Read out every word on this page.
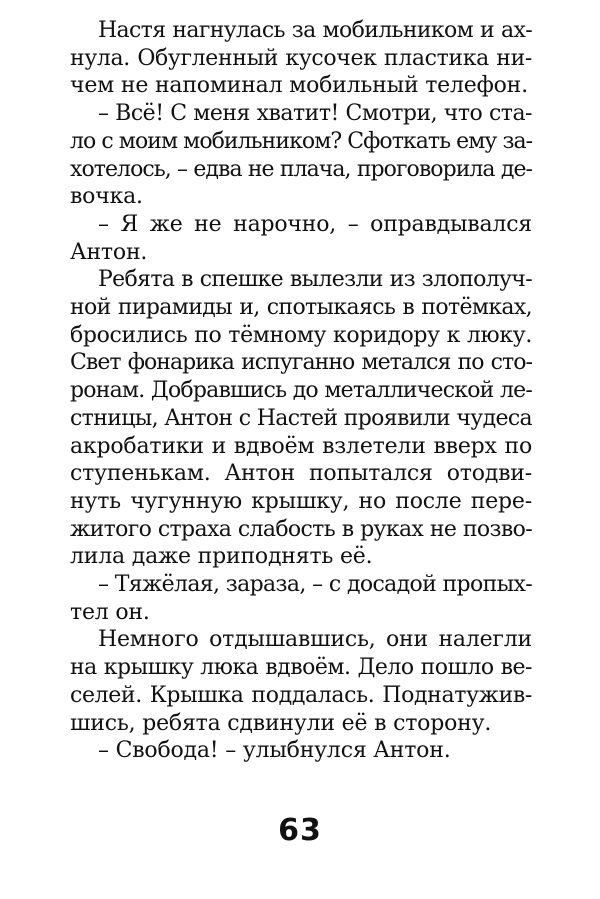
Настя нагнулась за мобильником и ах-
нула. Обугленный кусочек пластика ни-
чем не напоминал мобильный телефон.
– Всё! С меня хватит! Смотри, что ста-
ло с моим мобильником? Сфоткать ему за-
хотелось, – едва не плача, проговорила де-
вочка.
– Я же не нарочно, – оправдывался
Антон.
Ребята в спешке вылезли из злополуч-
ной пирамиды и, спотыкаясь в потёмках,
бросились по тёмному коридору к люку.
Свет фонарика испуганно метался по сто-
ронам. Добравшись до металлической ле-
стницы, Антон с Настей проявили чудеса
акробатики и вдвоём взлетели вверх по
ступенькам. Антон попытался отодви-
нуть чугунную крышку, но после пере-
житого страха слабость в руках не позво-
лила даже приподнять её.
– Тяжёлая, зараза, – с досадой пропых-
тел он.
Немного отдышавшись, они налегли
на крышку люка вдвоём. Дело пошло ве-
селей. Крышка поддалась. Поднатужив-
шись, ребята сдвинули её в сторону.
– Свобода! – улыбнулся Антон.
63
